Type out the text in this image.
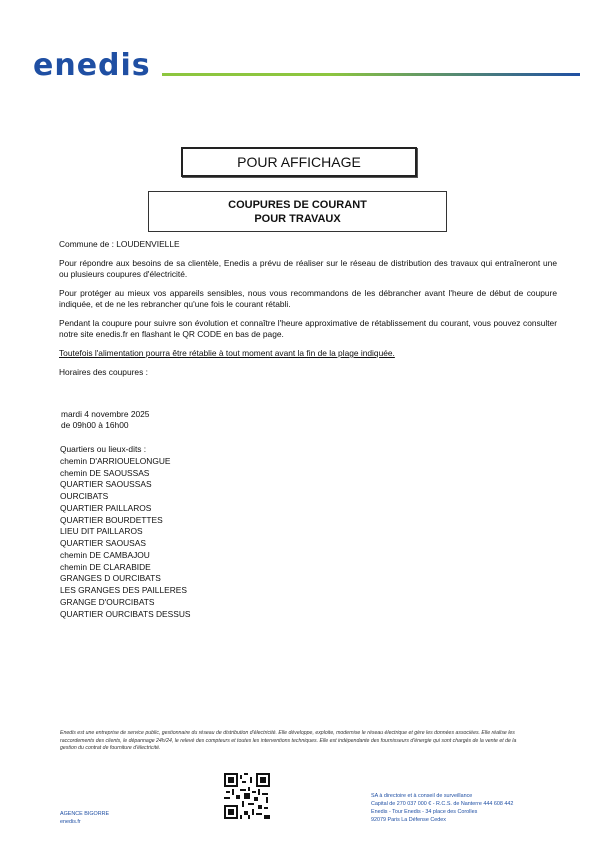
enedis
POUR AFFICHAGE
COUPURES DE COURANT
POUR TRAVAUX

Commune de : LOUDENVIELLE

Pour répondre aux besoins de sa clientèle, Enedis a prévu de réaliser sur le réseau de distribution des travaux qui entraîneront une ou plusieurs coupures d'électricité.

Pour protéger au mieux vos appareils sensibles, nous vous recommandons de les débrancher avant l'heure de début de coupure indiquée, et de ne les rebrancher qu'une fois le courant rétabli.

Pendant la coupure pour suivre son évolution et connaître l'heure approximative de rétablissement du courant, vous pouvez consulter notre site enedis.fr en flashant le QR CODE en bas de page.

Toutefois l'alimentation pourra être rétablie à tout moment avant la fin de la plage indiquée.

Horaires des coupures :

mardi 4 novembre 2025
de 09h00 à 16h00
Quartiers ou lieux-dits :
chemin D'ARRIOUELONGUE
chemin DE SAOUSSAS
QUARTIER SAOUSSAS
OURCIBATS
QUARTIER PAILLAROS
QUARTIER BOURDETTES
LIEU DIT PAILLAROS
QUARTIER SAOUSAS
chemin DE CAMBAJOU
chemin DE CLARABIDE
GRANGES D OURCIBATS
LES GRANGES DES PAILLERES
GRANGE D'OURCIBATS
QUARTIER OURCIBATS DESSUS
Enedis est une entreprise de service public, gestionnaire du réseau de distribution d'électricité. Elle développe, exploite, modernise le réseau électrique et gère les données associées. Elle réalise les raccordements des clients, le dépannage 24h/24, le relevé des compteurs et toutes les interventions techniques. Elle est indépendante des fournisseurs d'énergie qui sont chargés de la vente et de la gestion du contrat de fourniture d'électricité.
AGENCE BIGORRE
enedis.fr
SA à directoire et à conseil de surveillance
Capital de 270 037 000 € - R.C.S. de Nanterre 444 608 442
Enedis - Tour Enedis - 34 place des Corolles
92079 Paris La Défense Cedex
